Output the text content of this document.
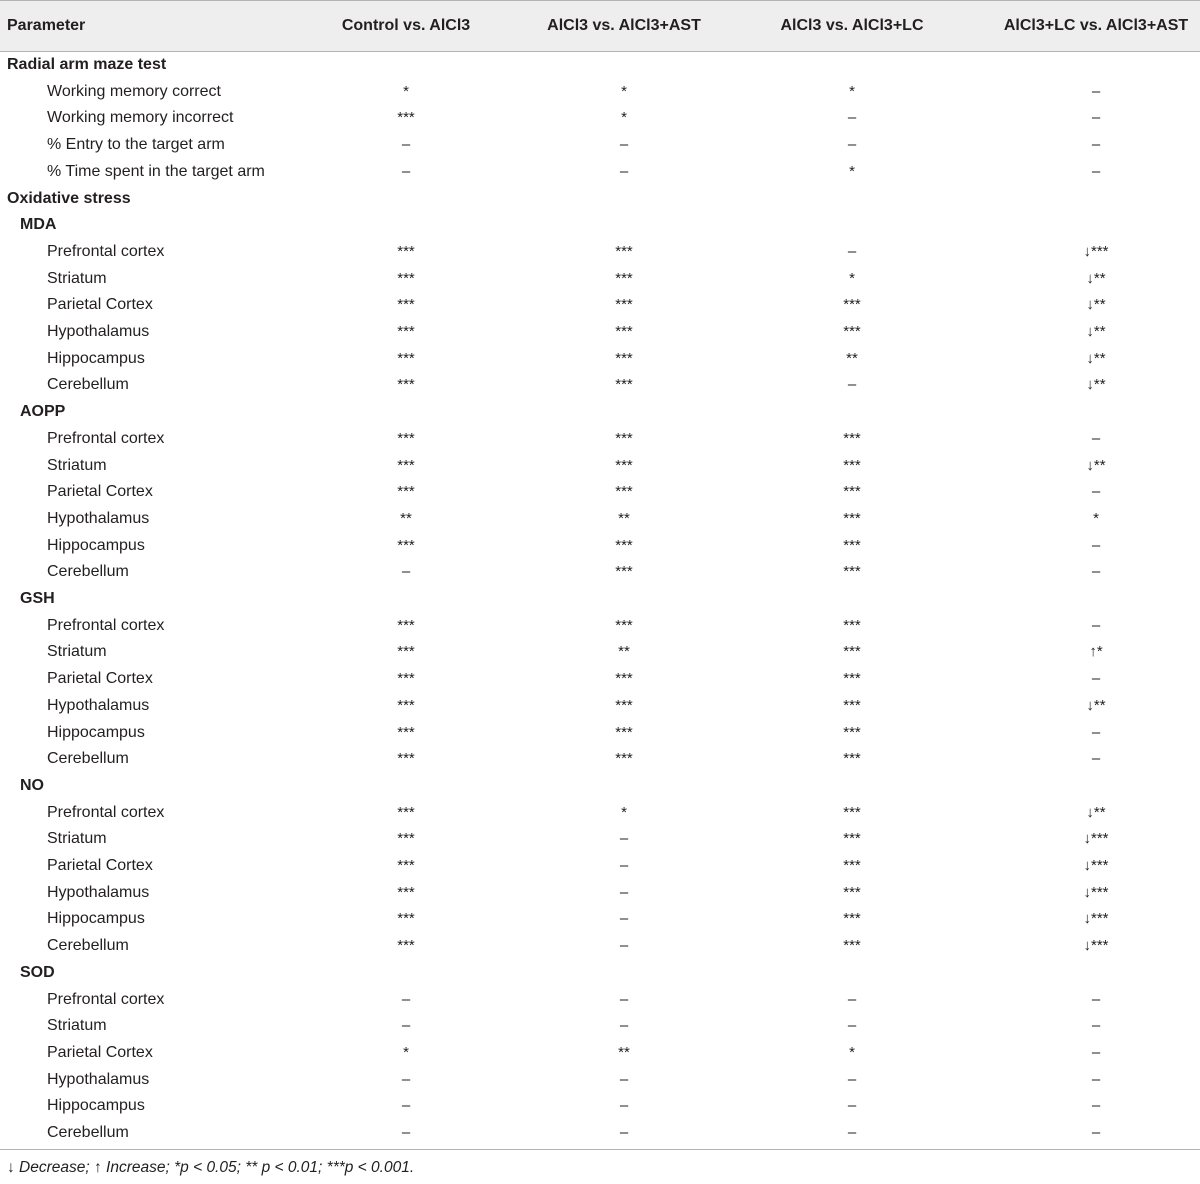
Parameter	Control vs. AlCl3	AlCl3 vs. AlCl3+AST	AlCl3 vs. AlCl3+LC	AlCl3+LC vs. AlCl3+AST
Radial arm maze test
Working memory correct	*	*	*	–
Working memory incorrect	***	*	–	–
% Entry to the target arm	–	–	–	–
% Time spent in the target arm	–	–	*	–
Oxidative stress
MDA
Prefrontal cortex	***	***	–	↓***
Striatum	***	***	*	↓**
Parietal Cortex	***	***	***	↓**
Hypothalamus	***	***	***	↓**
Hippocampus	***	***	**	↓**
Cerebellum	***	***	–	↓**
AOPP
Prefrontal cortex	***	***	***	–
Striatum	***	***	***	↓**
Parietal Cortex	***	***	***	–
Hypothalamus	**	**	***	*
Hippocampus	***	***	***	–
Cerebellum	–	***	***	–
GSH
Prefrontal cortex	***	***	***	–
Striatum	***	**	***	↑*
Parietal Cortex	***	***	***	–
Hypothalamus	***	***	***	↓**
Hippocampus	***	***	***	–
Cerebellum	***	***	***	–
NO
Prefrontal cortex	***	*	***	↓**
Striatum	***	–	***	↓***
Parietal Cortex	***	–	***	↓***
Hypothalamus	***	–	***	↓***
Hippocampus	***	–	***	↓***
Cerebellum	***	–	***	↓***
SOD
Prefrontal cortex	–	–	–	–
Striatum	–	–	–	–
Parietal Cortex	*	**	*	–
Hypothalamus	–	–	–	–
Hippocampus	–	–	–	–
Cerebellum	–	–	–	–
↓ Decrease; ↑ Increase; *p < 0.05; ** p < 0.01; ***p < 0.001.
